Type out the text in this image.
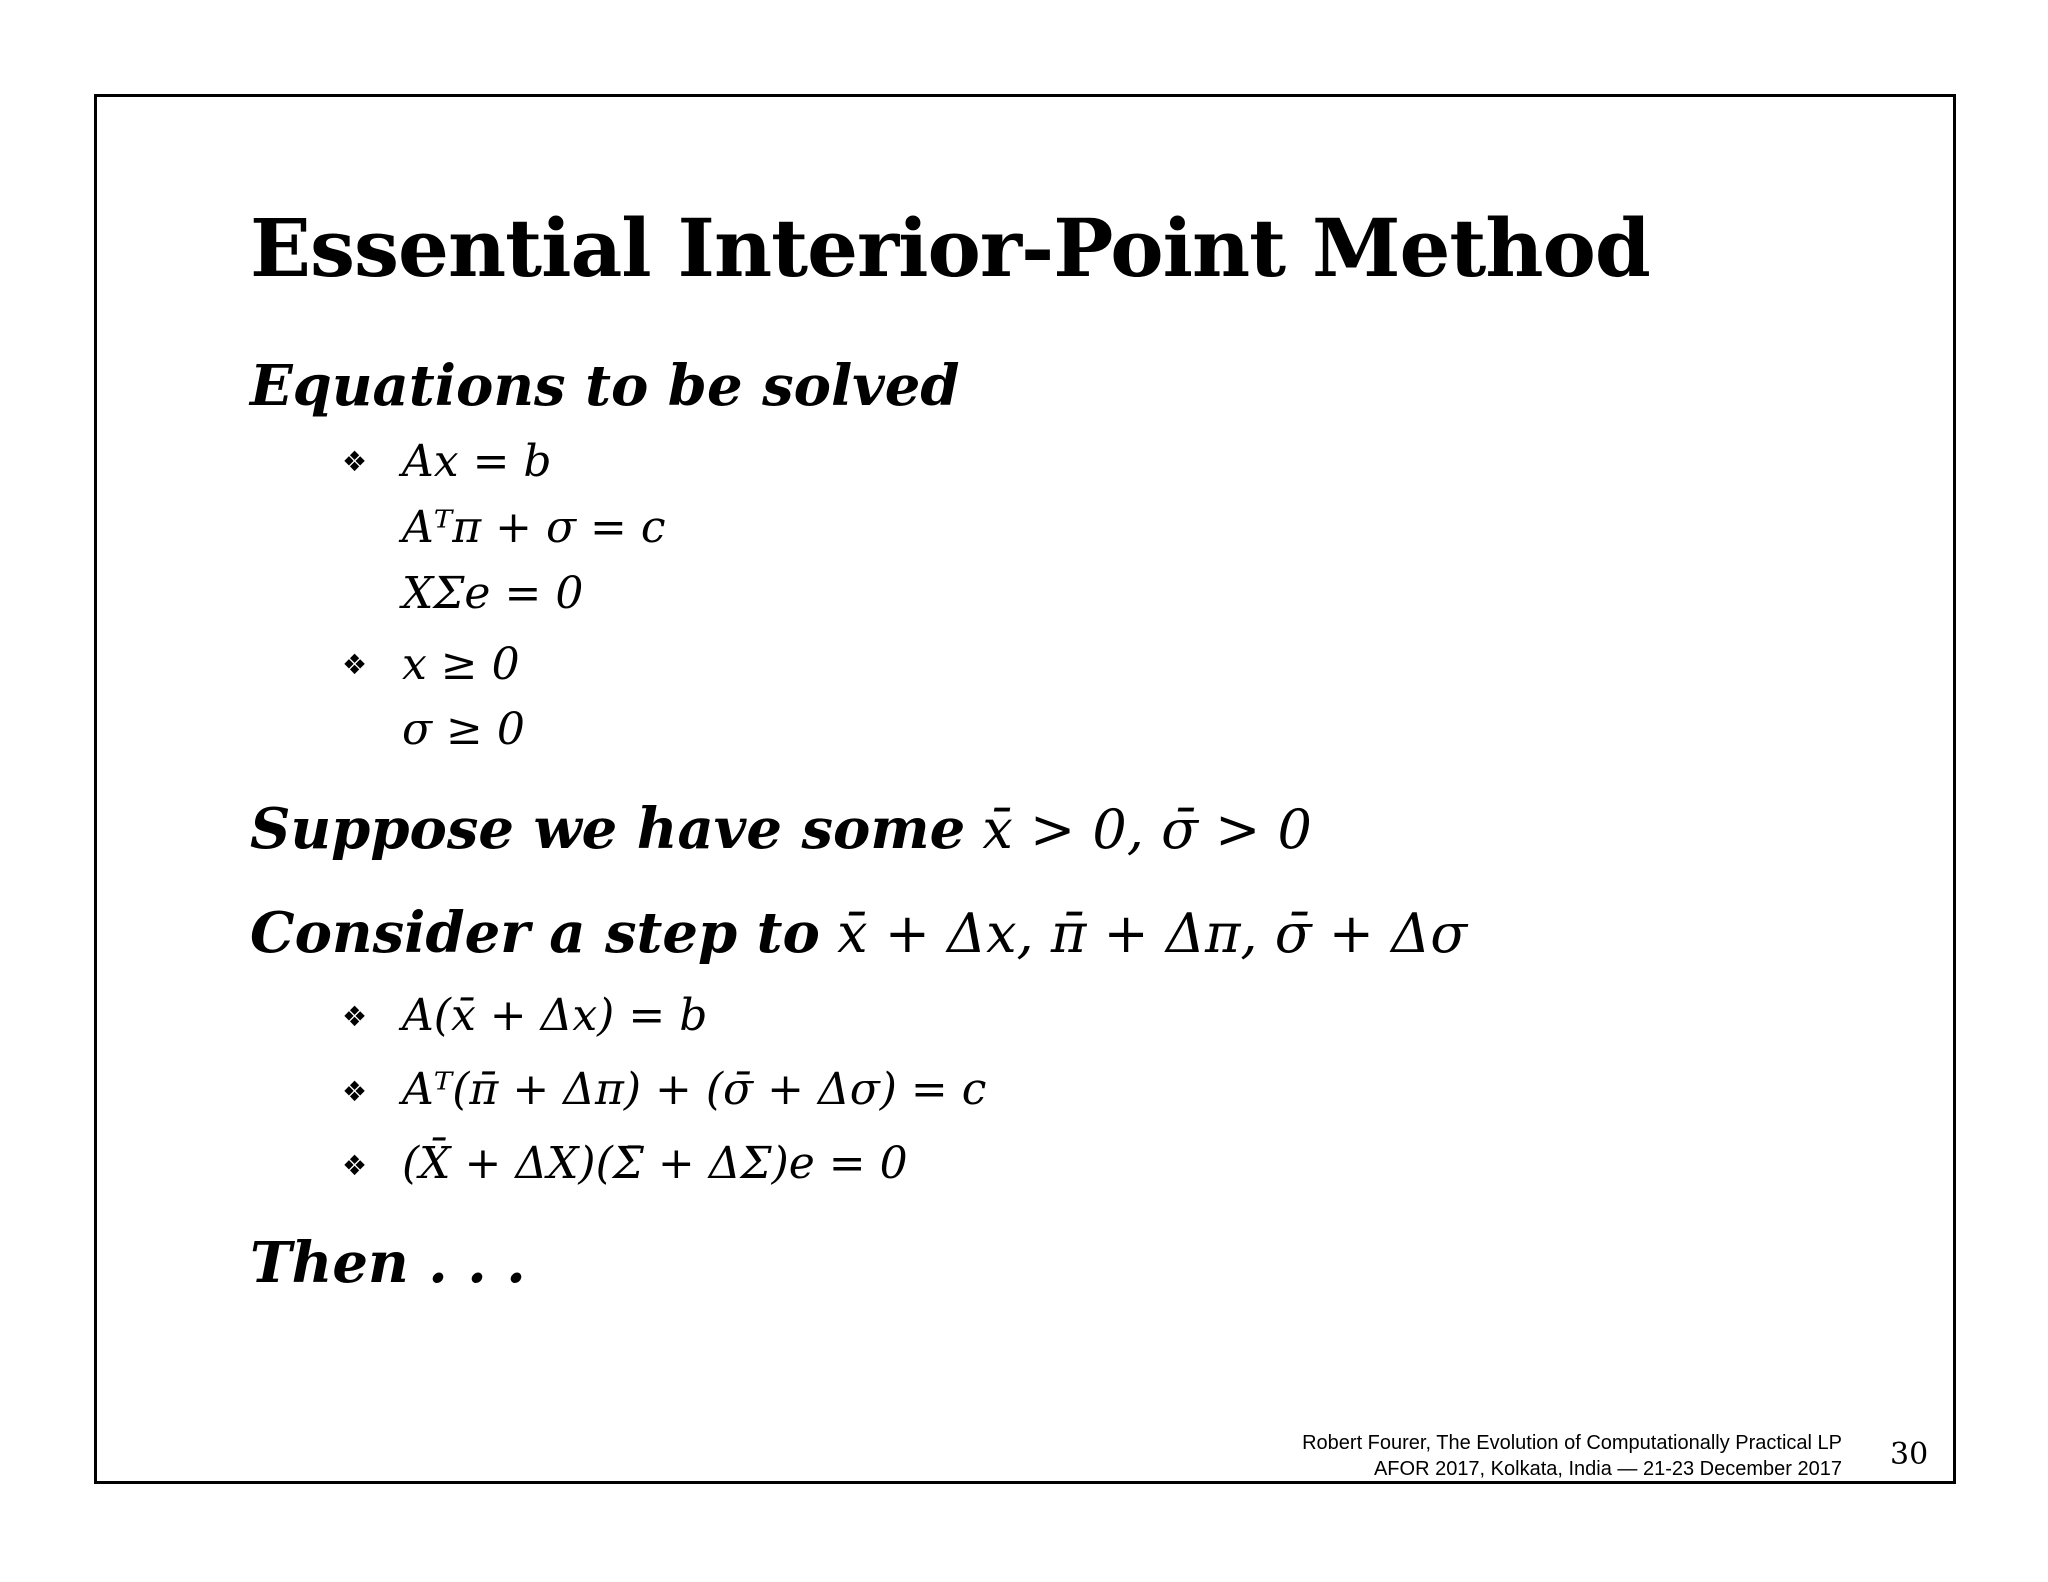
Essential Interior-Point Method
Equations to be solved
❖ Ax = b
Aᵀπ + σ = c
XΣe = 0
❖ x ≥ 0
σ ≥ 0
Suppose we have some x̄ > 0, σ̄ > 0
Consider a step to x̄ + Δx, π̄ + Δπ, σ̄ + Δσ
❖ A(x̄ + Δx) = b
❖ Aᵀ(π̄ + Δπ) + (σ̄ + Δσ) = c
❖ (X̄ + ΔX)(Σ̄ + ΔΣ)e = 0
Then . . .
Robert Fourer, The Evolution of Computationally Practical LP
AFOR 2017, Kolkata, India — 21-23 December 2017 30
